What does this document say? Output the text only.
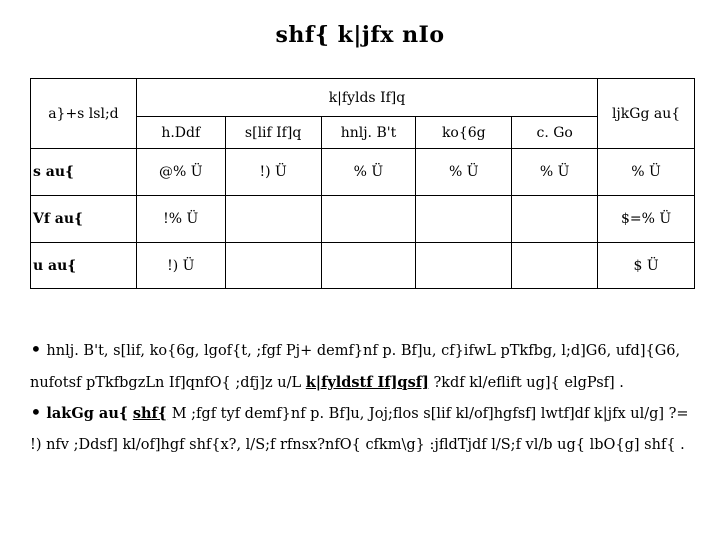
shf{ k|jfx nIo
a}+s lsl;d	k|fylds If]q					ljkGg au{
	h.Ddf	s[lif If]q	hnlj. B't	ko{6g	c. Go	
s au{	@% Ü	!) Ü	% Ü	% Ü	% Ü	% Ü
Vf au{	!% Ü					$=% Ü
u au{	!) Ü					$ Ü
• hnlj. B't, s[lif, ko{6g, lgof{t, ;fgf Pj+ demf}nf p. Bf]u, cf}ifwL pTkfbg, l;d]G6, ufd]{G6, nufotsf pTkfbgzLn If]qnfO{ ;dfj]z u/L k|fyldstf If]qsf] ?kdf kl/eflift ug]{ elgPsf] .
• lakGg au{ shf{ M ;fgf tyf demf}nf p. Bf]u, Joj;flos s[lif kl/of]hgfsf] lwtf]df k|jfx ul/g] ?= !) nfv ;Ddsf] kl/of]hgf shf{x?, l/S;f rfnsx?nfO{ cfkm\g} :jfldTjdf l/S;f vl/b ug{ lbO{g] shf{ .
